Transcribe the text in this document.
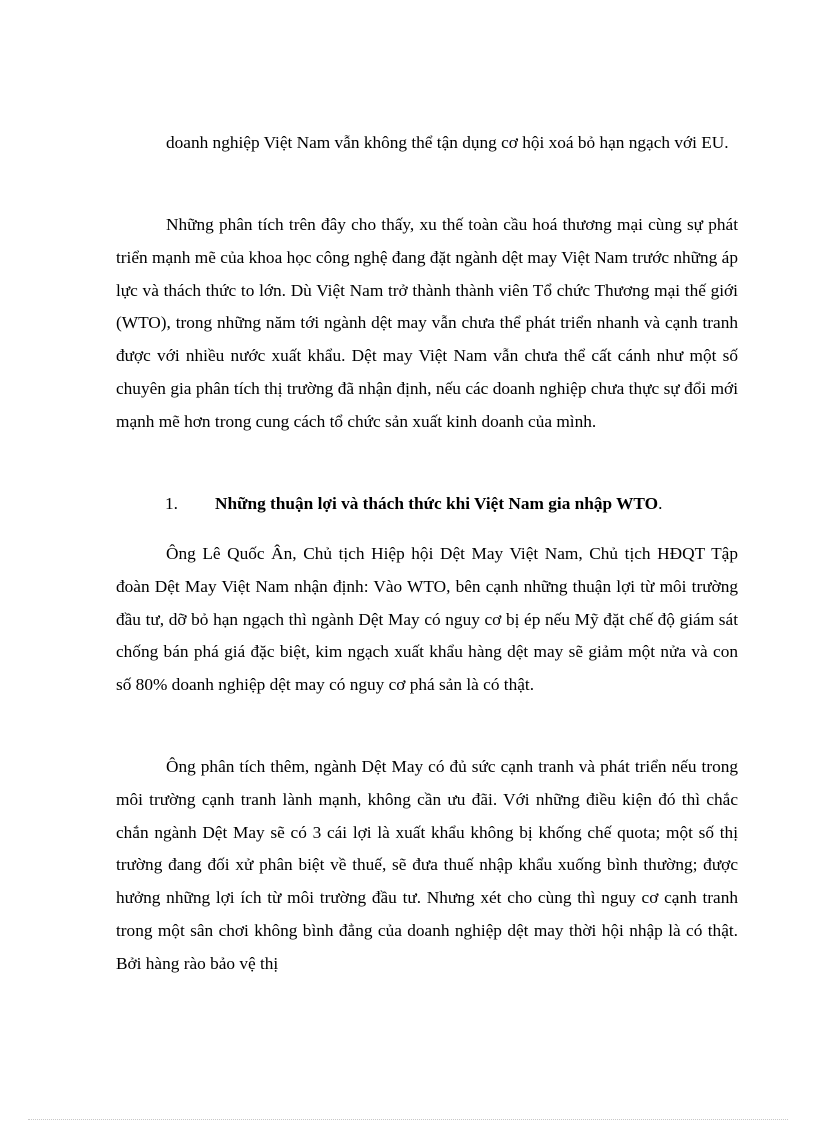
doanh nghiệp Việt Nam vẫn không thể tận dụng cơ hội xoá bỏ hạn ngạch với EU.

Những phân tích trên đây cho thấy, xu thế toàn cầu hoá thương mại cùng sự phát triển mạnh mẽ của khoa học công nghệ đang đặt ngành dệt may Việt Nam trước những áp lực và thách thức to lớn. Dù Việt Nam trở thành thành viên Tổ chức Thương mại thế giới (WTO), trong những năm tới ngành dệt may vẫn chưa thể phát triển nhanh và cạnh tranh được với nhiều nước xuất khẩu. Dệt may Việt Nam vẫn chưa thể cất cánh như một số chuyên gia phân tích thị trường đã nhận định, nếu các doanh nghiệp chưa thực sự đổi mới mạnh mẽ hơn trong cung cách tổ chức sản xuất kinh doanh của mình.

1. Những thuận lợi và thách thức khi Việt Nam gia nhập WTO.

Ông Lê Quốc Ân, Chủ tịch Hiệp hội Dệt May Việt Nam, Chủ tịch HĐQT Tập đoàn Dệt May Việt Nam nhận định: Vào WTO, bên cạnh những thuận lợi từ môi trường đầu tư, dỡ bỏ hạn ngạch thì ngành Dệt May có nguy cơ bị ép nếu Mỹ đặt chế độ giám sát chống bán phá giá đặc biệt, kim ngạch xuất khẩu hàng dệt may sẽ giảm một nửa và con số 80% doanh nghiệp dệt may có nguy cơ phá sản là có thật.

Ông phân tích thêm, ngành Dệt May có đủ sức cạnh tranh và phát triển nếu trong môi trường cạnh tranh lành mạnh, không cần ưu đãi. Với những điều kiện đó thì chắc chắn ngành Dệt May sẽ có 3 cái lợi là xuất khẩu không bị khống chế quota; một số thị trường đang đối xử phân biệt về thuế, sẽ đưa thuế nhập khẩu xuống bình thường; được hưởng những lợi ích từ môi trường đầu tư. Nhưng xét cho cùng thì nguy cơ cạnh tranh trong một sân chơi không bình đẳng của doanh nghiệp dệt may thời hội nhập là có thật. Bởi hàng rào bảo vệ thị
